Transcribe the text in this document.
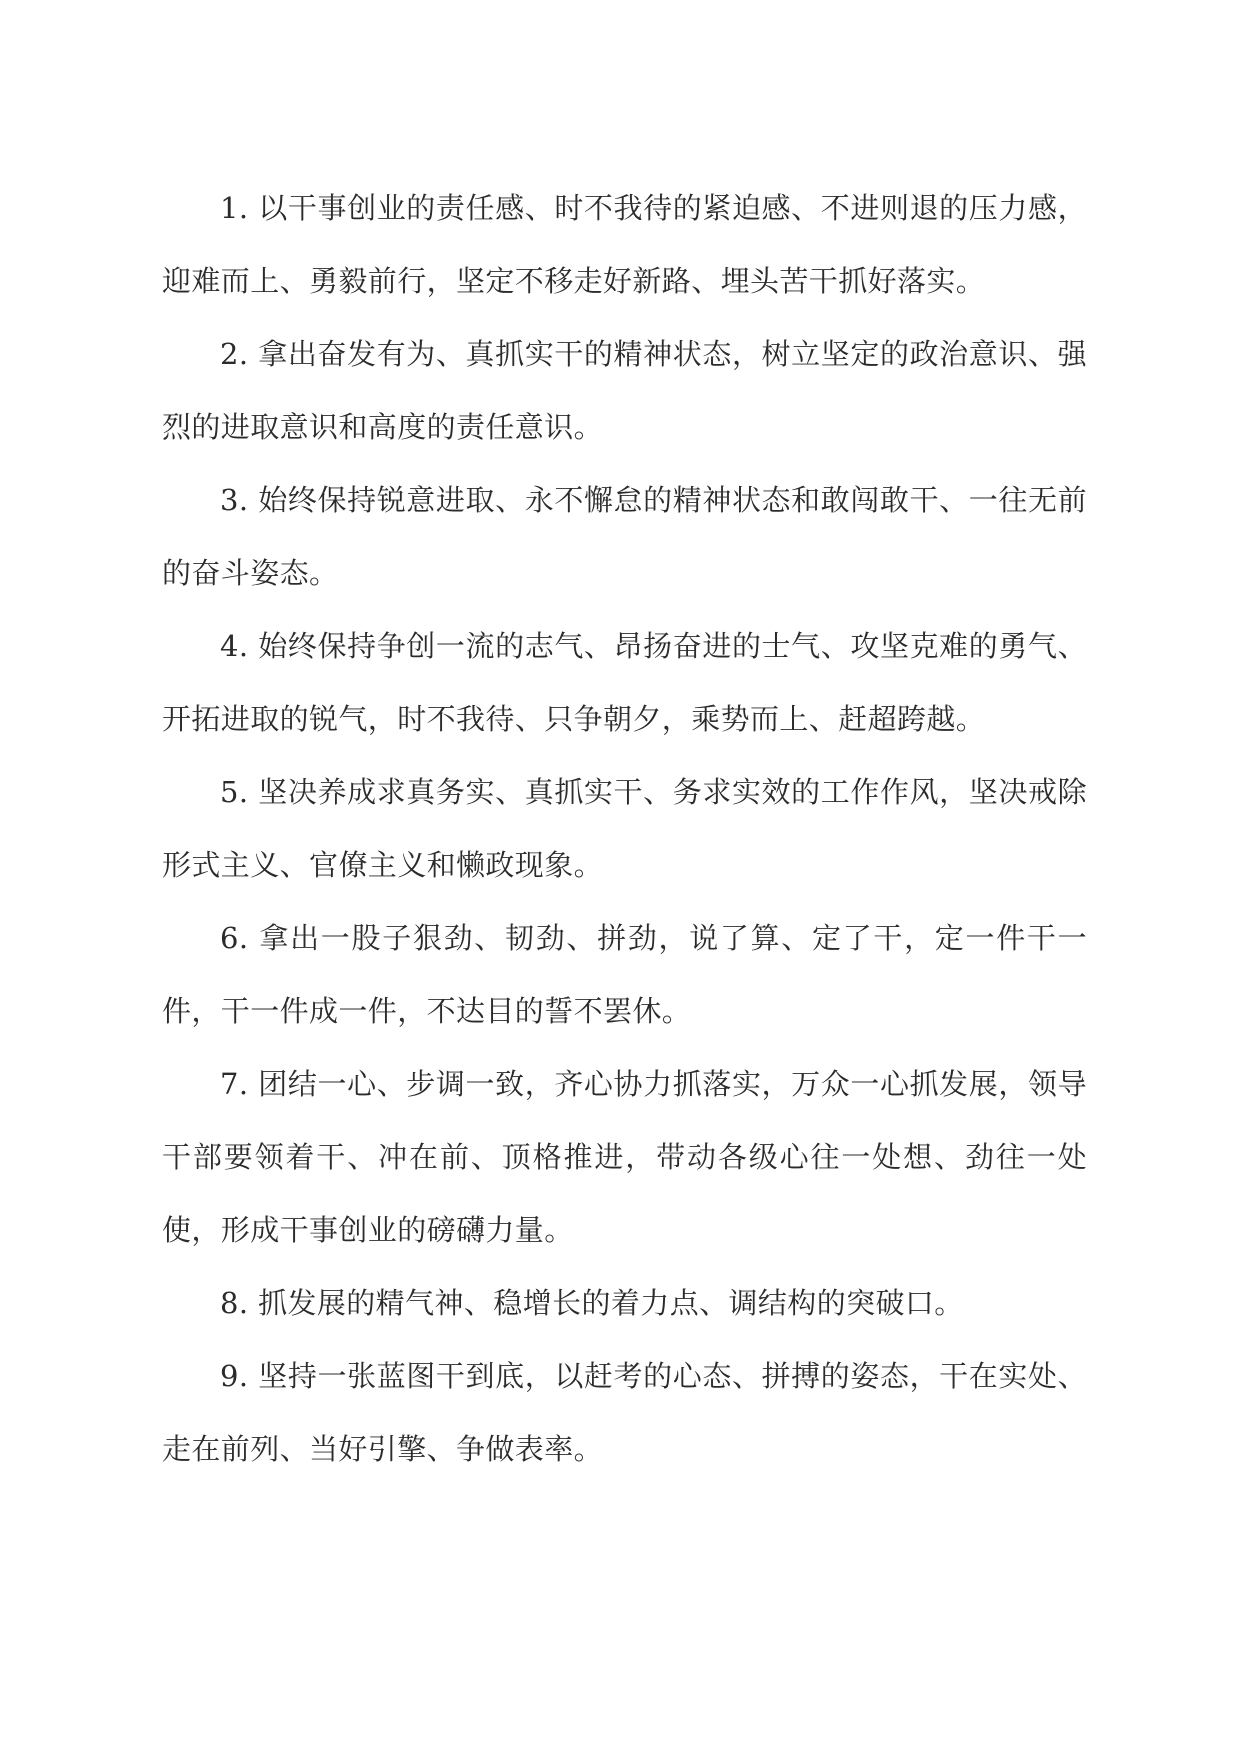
1. 以干事创业的责任感、时不我待的紧迫感、不进则退的压力感，迎难而上、勇毅前行，坚定不移走好新路、埋头苦干抓好落实。

2. 拿出奋发有为、真抓实干的精神状态，树立坚定的政治意识、强烈的进取意识和高度的责任意识。

3. 始终保持锐意进取、永不懈怠的精神状态和敢闯敢干、一往无前的奋斗姿态。

4. 始终保持争创一流的志气、昂扬奋进的士气、攻坚克难的勇气、开拓进取的锐气，时不我待、只争朝夕，乘势而上、赶超跨越。

5. 坚决养成求真务实、真抓实干、务求实效的工作作风，坚决戒除形式主义、官僚主义和懒政现象。

6. 拿出一股子狠劲、韧劲、拼劲，说了算、定了干，定一件干一件，干一件成一件，不达目的誓不罢休。

7. 团结一心、步调一致，齐心协力抓落实，万众一心抓发展，领导干部要领着干、冲在前、顶格推进，带动各级心往一处想、劲往一处使，形成干事创业的磅礴力量。

8. 抓发展的精气神、稳增长的着力点、调结构的突破口。

9. 坚持一张蓝图干到底，以赶考的心态、拼搏的姿态，干在实处、走在前列、当好引擎、争做表率。
